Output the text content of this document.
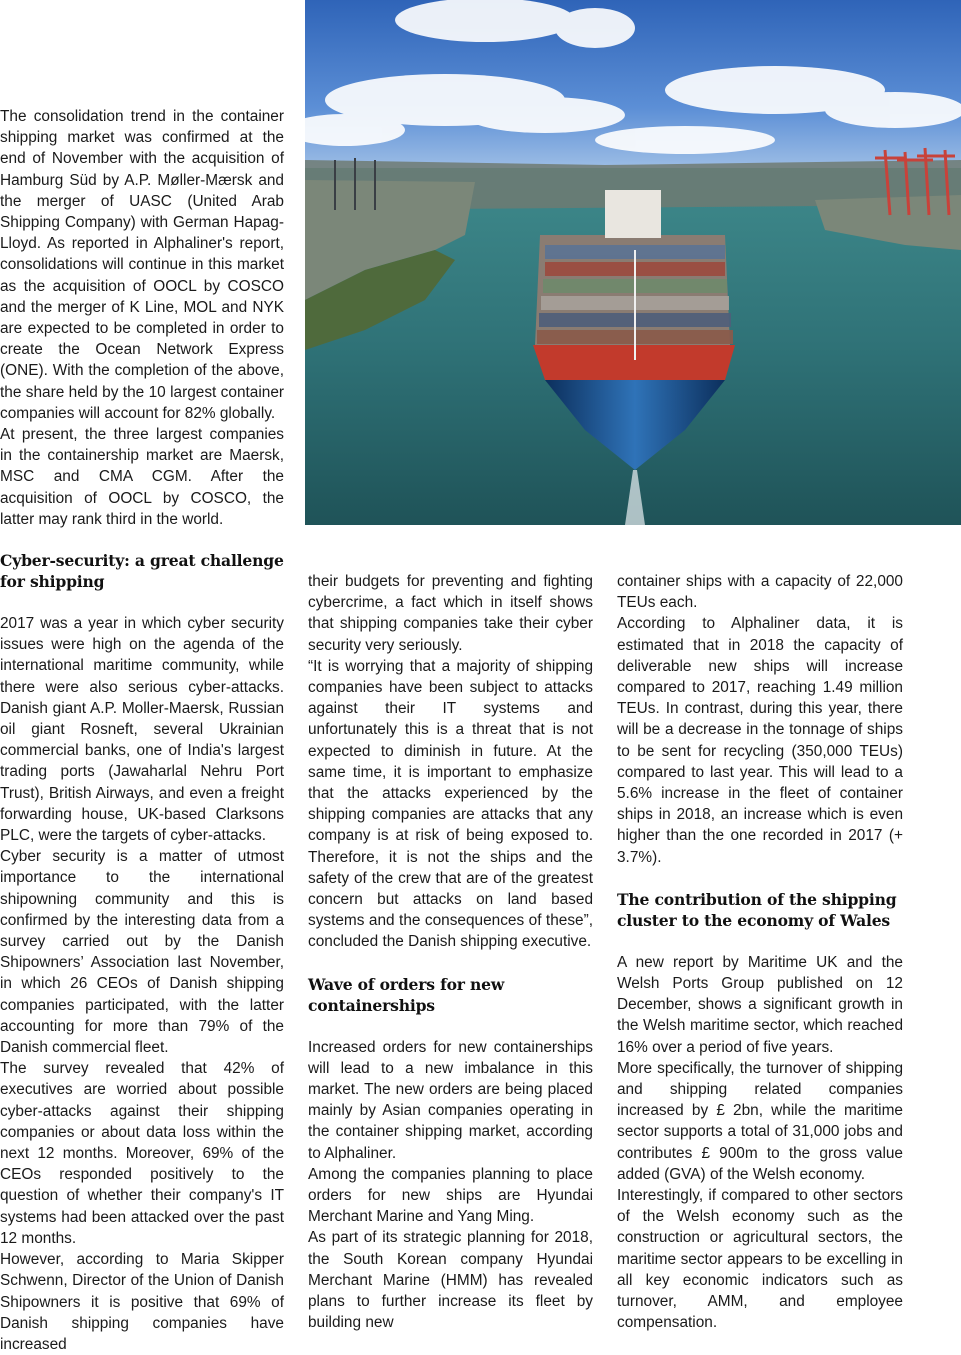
The consolidation trend in the container shipping market was confirmed at the end of November with the acquisition of Hamburg Süd by A.P. Møller-Mærsk and the merger of UASC (United Arab Shipping Company) with German Hapag-Lloyd. As reported in Alphaliner's report, consolidations will continue in this market as the acquisition of OOCL by COSCO and the merger of K Line, MOL and NYK are expected to be completed in order to create the Ocean Network Express (ONE). With the completion of the above, the share held by the 10 largest container companies will account for 82% globally.

At present, the three largest companies in the containership market are Maersk, MSC and CMA CGM. After the acquisition of OOCL by COSCO, the latter may rank third in the world.

Cyber-security: a great challenge for shipping

2017 was a year in which cyber security issues were high on the agenda of the international maritime community, while there were also serious cyber-attacks. Danish giant A.P. Moller-Maersk, Russian oil giant Rosneft, several Ukrainian commercial banks, one of India's largest trading ports (Jawaharlal Nehru Port Trust), British Airways, and even a freight forwarding house, UK-based Clarksons PLC, were the targets of cyber-attacks.

Cyber security is a matter of utmost importance to the international shipowning community and this is confirmed by the interesting data from a survey carried out by the Danish Shipowners’ Association last November, in which 26 CEOs of Danish shipping companies participated, with the latter accounting for more than 79% of the Danish commercial fleet.

The survey revealed that 42% of executives are worried about possible cyber-attacks against their shipping companies or about data loss within the next 12 months. Moreover, 69% of the CEOs responded positively to the question of whether their company's IT systems had been attacked over the past 12 months.

However, according to Maria Skipper Schwenn, Director of the Union of Danish Shipowners it is positive that 69% of Danish shipping companies have increased

their budgets for preventing and fighting cybercrime, a fact which in itself shows that shipping companies take their cyber security very seriously.

“It is worrying that a majority of shipping companies have been subject to attacks against their IT systems and unfortunately this is a threat that is not expected to diminish in future. At the same time, it is important to emphasize that the attacks experienced by the shipping companies are attacks that any company is at risk of being exposed to. Therefore, it is not the ships and the safety of the crew that are of the greatest concern but attacks on land based systems and the consequences of these”, concluded the Danish shipping executive.

Wave of orders for new containerships

Increased orders for new containerships will lead to a new imbalance in this market. The new orders are being placed mainly by Asian companies operating in the container shipping market, according to Alphaliner.

Among the companies planning to place orders for new ships are Hyundai Merchant Marine and Yang Ming.

As part of its strategic planning for 2018, the South Korean company Hyundai Merchant Marine (HMM) has revealed plans to further increase its fleet by building new

container ships with a capacity of 22,000 TEUs each.

According to Alphaliner data, it is estimated that in 2018 the capacity of deliverable new ships will increase compared to 2017, reaching 1.49 million TEUs. In contrast, during this year, there will be a decrease in the tonnage of ships to be sent for recycling (350,000 TEUs) compared to last year. This will lead to a 5.6% increase in the fleet of container ships in 2018, an increase which is even higher than the one recorded in 2017 (+ 3.7%).

The contribution of the shipping cluster to the economy of Wales

A new report by Maritime UK and the Welsh Ports Group published on 12 December, shows a significant growth in the Welsh maritime sector, which reached 16% over a period of five years.

More specifically, the turnover of shipping and shipping related companies increased by £ 2bn, while the maritime sector supports a total of 31,000 jobs and contributes £ 900m to the gross value added (GVA) of the Welsh economy.

Interestingly, if compared to other sectors of the Welsh economy such as the construction or agricultural sectors, the maritime sector appears to be excelling in all key economic indicators such as turnover, AMM, and employee compensation.
